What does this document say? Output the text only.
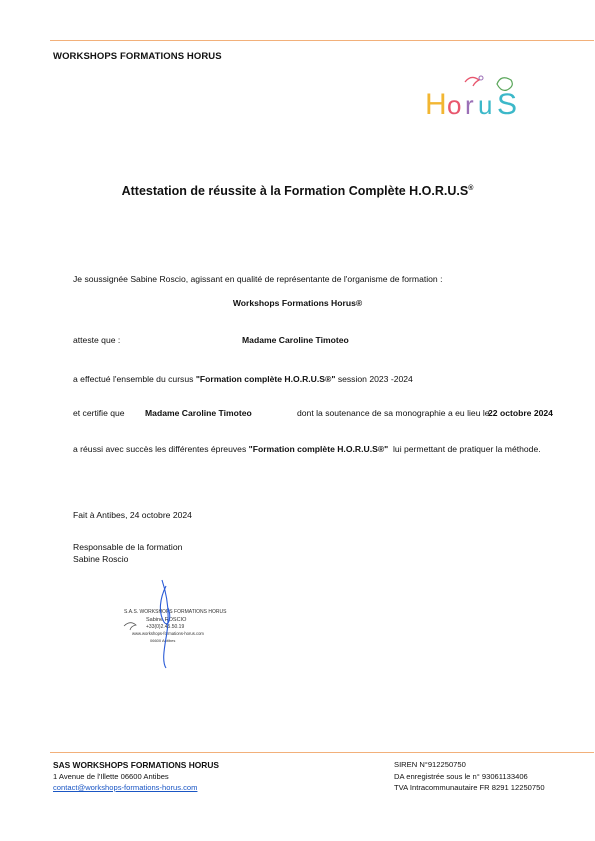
WORKSHOPS FORMATIONS HORUS
H o r u S
Attestation de réussite à la Formation Complète H.O.R.U.S®
Je soussignée Sabine Roscio, agissant en qualité de représentante de l'organisme de formation :
Workshops Formations Horus®
atteste que :	Madame Caroline Timoteo
a effectué l'ensemble du cursus "Formation complète H.O.R.U.S®" session 2023 -2024
et certifie que Madame Caroline Timoteo	dont la soutenance de sa monographie a eu lieu le
22 octobre 2024
a réussi avec succès les différentes épreuves "Formation complète H.O.R.U.S®" lui permettant de pratiquer la méthode.
Fait à Antibes, 24 octobre 2024
Responsable de la formation
Sabine Roscio
S.A.S. WORKSHOPS FORMATIONS HORUS
Sabine ROSCIO
+33(0)2.45.50.19
www.workshops-formations-horus.com
06600 Antibes
SAS WORKSHOPS FORMATIONS HORUS
1 Avenue de l'Illette 06600 Antibes
contact@workshops-formations-horus.com
SIREN N°912250750
DA enregistrée sous le n° 93061133406
TVA Intracommunautaire FR 8291 12250750
